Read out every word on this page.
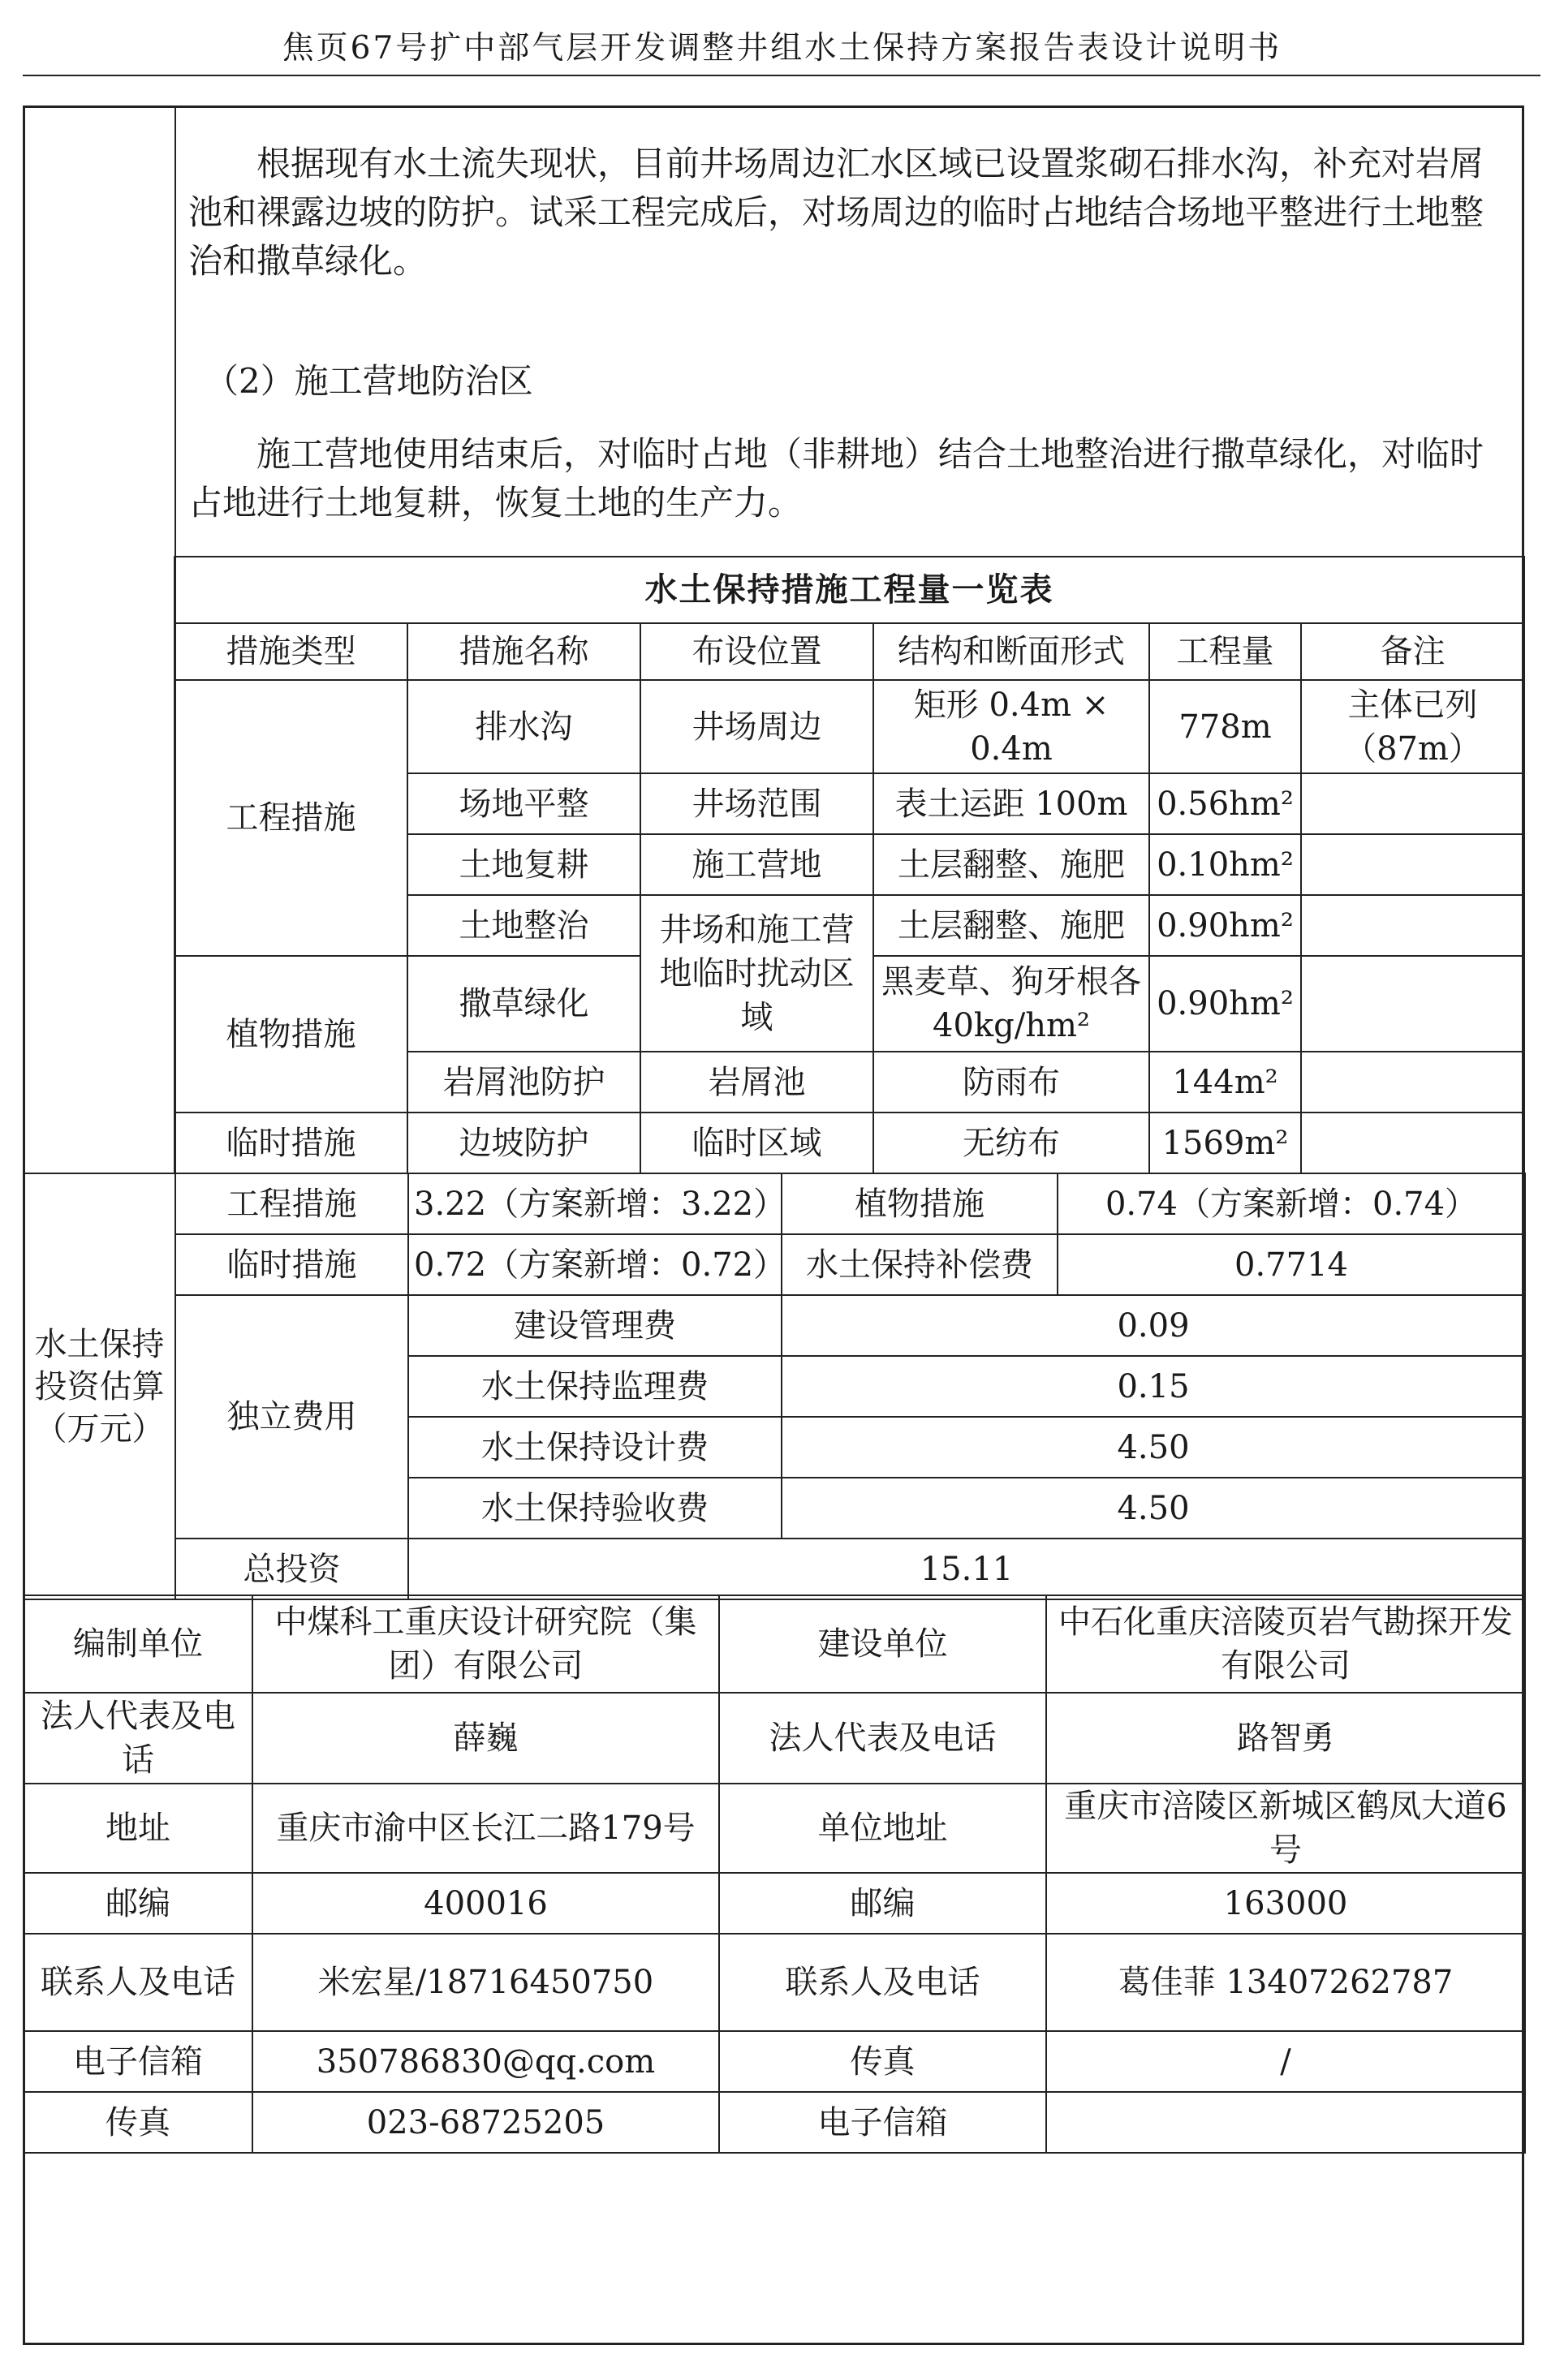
焦页67号扩中部气层开发调整井组水土保持方案报告表设计说明书
根据现有水土流失现状，目前井场周边汇水区域已设置浆砌石排水沟，补充对岩屑池和裸露边坡的防护。试采工程完成后，对场周边的临时占地结合场地平整进行土地整治和撒草绿化。
（2）施工营地防治区
施工营地使用结束后，对临时占地（非耕地）结合土地整治进行撒草绿化，对临时占地进行土地复耕，恢复土地的生产力。
	水土保持措施工程量一览表					
	措施类型	措施名称	布设位置	结构和断面形式	工程量	备注
	工程措施	排水沟	井场周边	矩形 0.4m × 0.4m	778m	主体已列（87m）
		场地平整	井场范围	表土运距 100m	0.56hm²	
		土地复耕	施工营地	土层翻整、施肥	0.10hm²	
		土地整治	井场和施工营地临时扰动区域	土层翻整、施肥	0.90hm²	
	植物措施	撒草绿化		黑麦草、狗牙根各 40kg/hm²	0.90hm²	
		岩屑池防护	岩屑池	防雨布	144m²	
	临时措施	边坡防护	临时区域	无纺布	1569m²	
水土保持投资估算（万元）	工程措施	3.22（方案新增：3.22）	植物措施	0.74（方案新增：0.74）
	临时措施	0.72（方案新增：0.72）	水土保持补偿费	0.7714
	独立费用	建设管理费	0.09	
		水土保持监理费	0.15	
		水土保持设计费	4.50	
		水土保持验收费	4.50	
	总投资	15.11		
编制单位	中煤科工重庆设计研究院（集团）有限公司	建设单位	中石化重庆涪陵页岩气勘探开发有限公司
法人代表及电话	薛巍	法人代表及电话	路智勇
地址	重庆市渝中区长江二路179号	单位地址	重庆市涪陵区新城区鹤凤大道6号
邮编	400016	邮编	163000
联系人及电话	米宏星/18716450750	联系人及电话	葛佳菲 13407262787
电子信箱	350786830@qq.com	传真	/
传真	023-68725205	电子信箱	
